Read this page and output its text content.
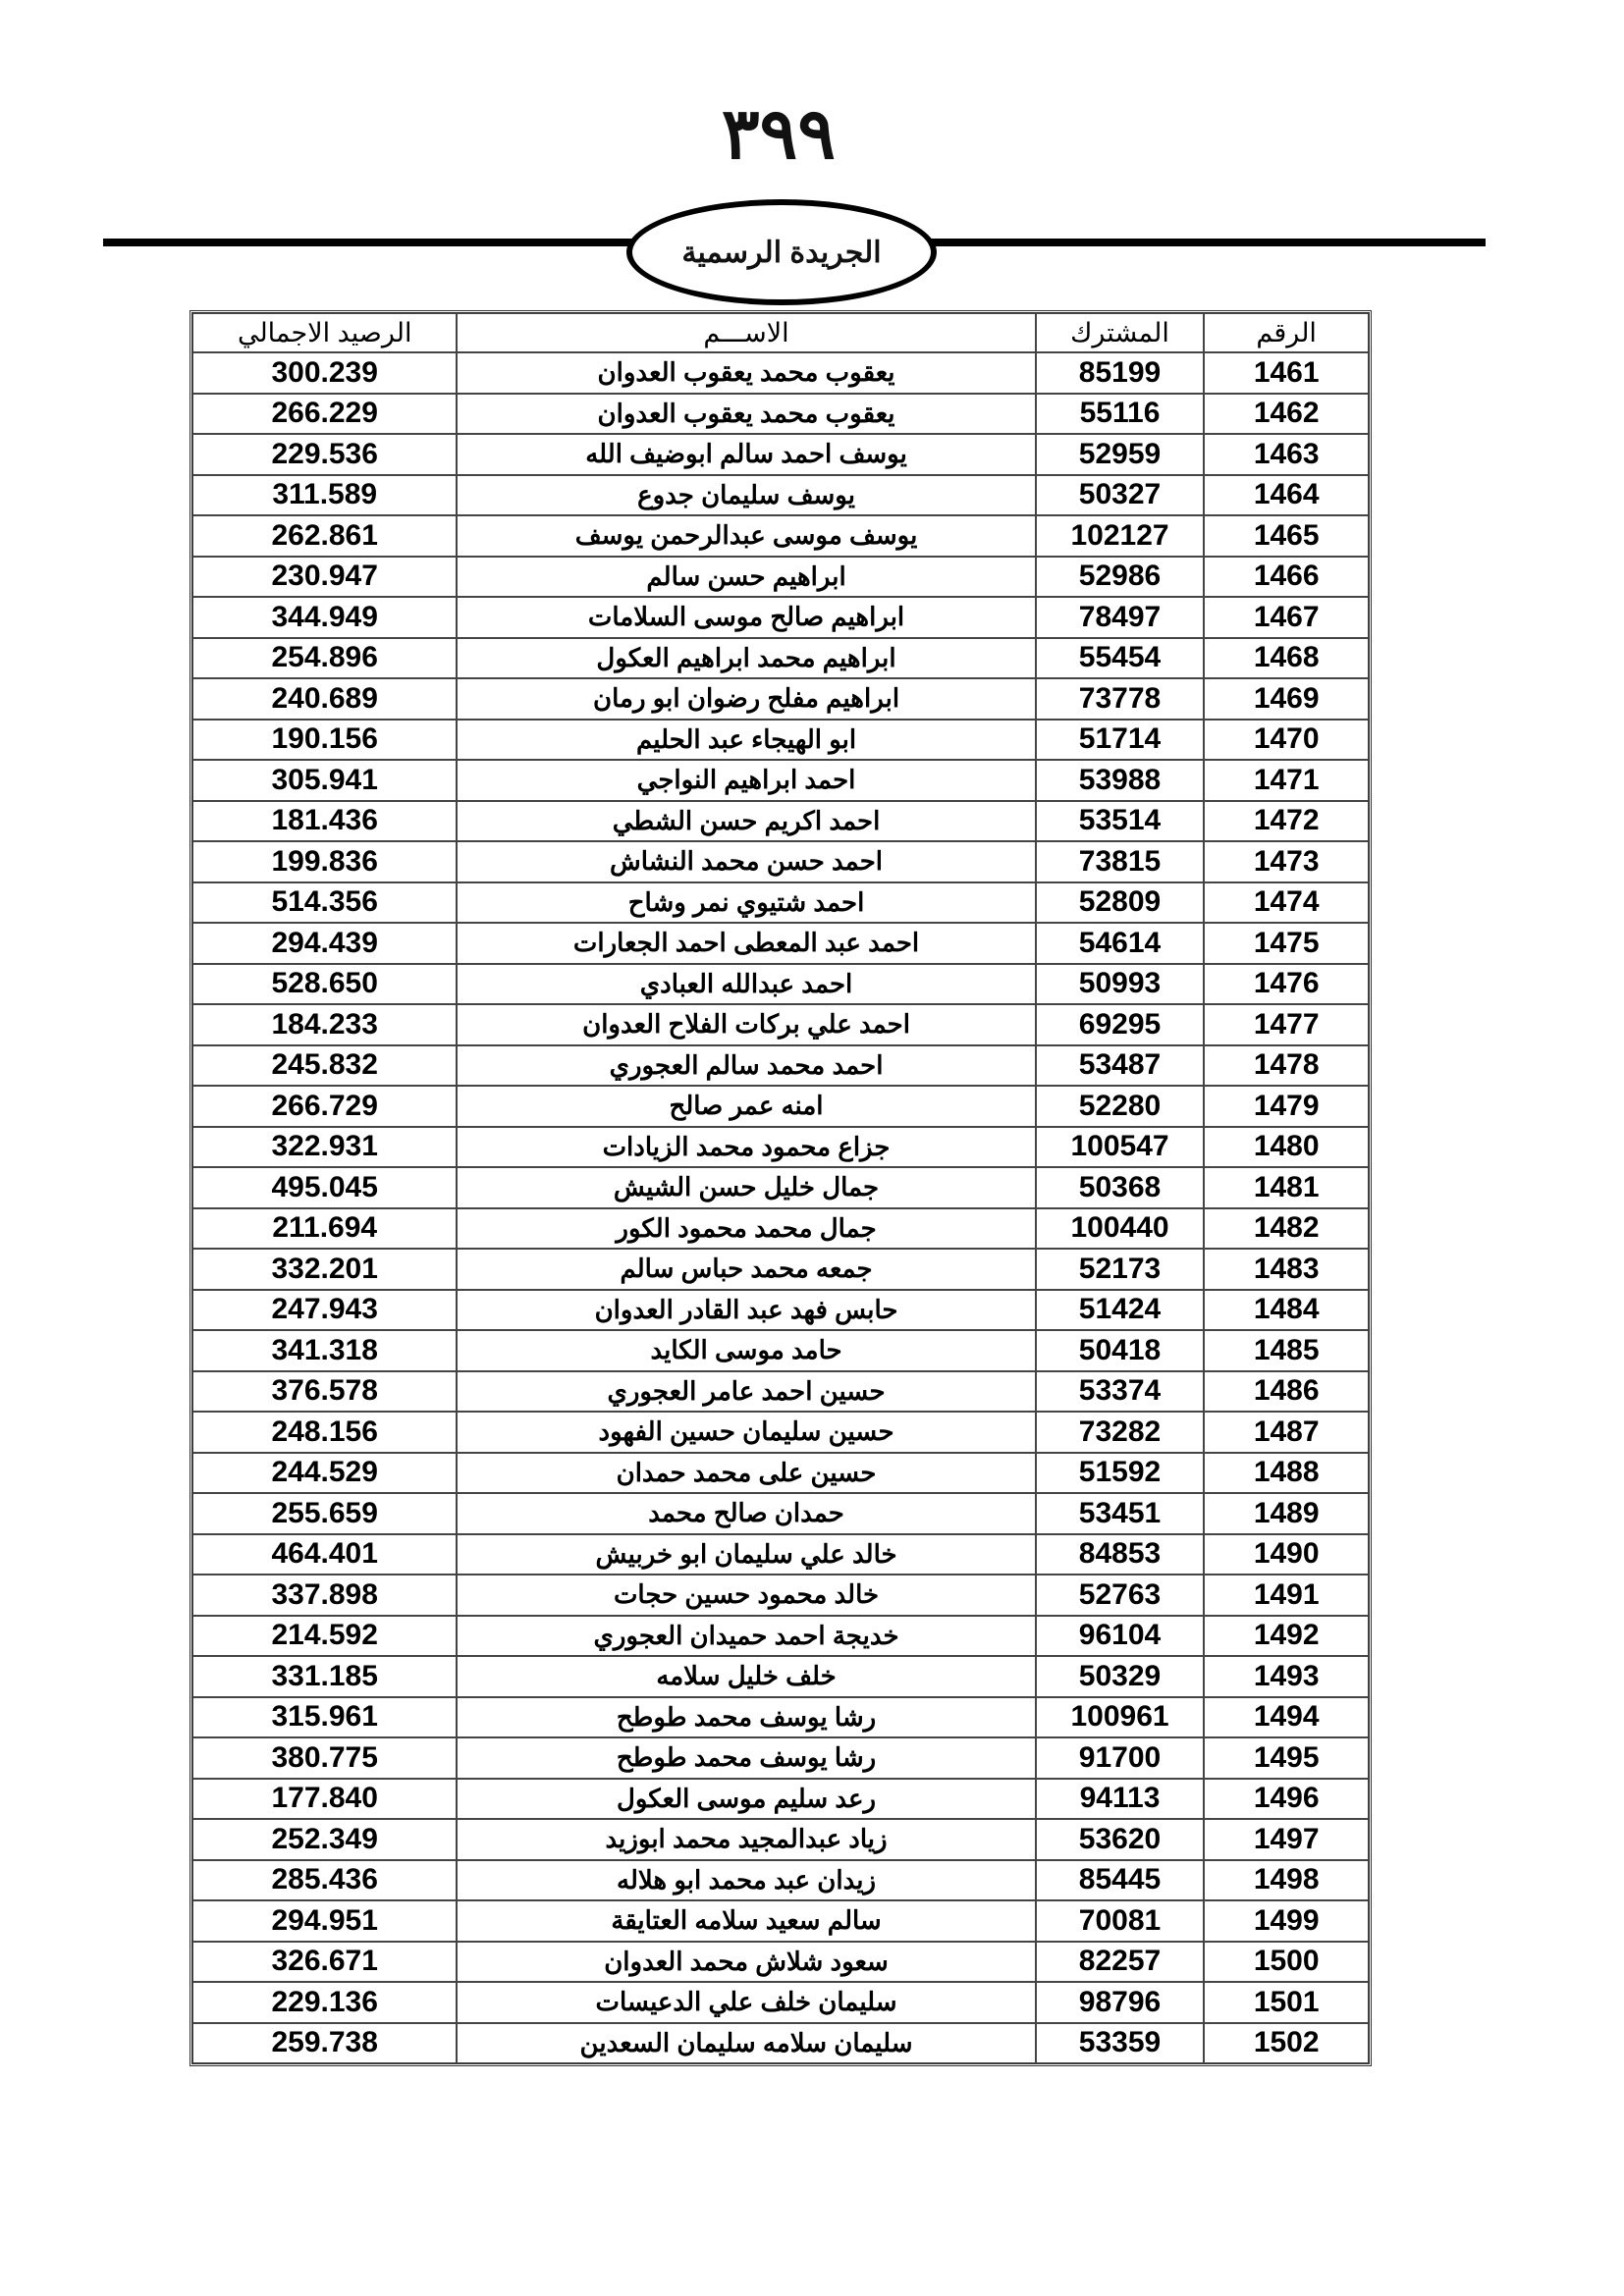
٣٩٩
الجريدة الرسمية
الرقم	المشترك	الاســـم	الرصيد الاجمالي
1461	85199	يعقوب محمد يعقوب العدوان	300.239
1462	55116	يعقوب محمد يعقوب العدوان	266.229
1463	52959	يوسف احمد سالم ابوضيف الله	229.536
1464	50327	يوسف سليمان جدوع	311.589
1465	102127	يوسف موسى عبدالرحمن يوسف	262.861
1466	52986	ابراهيم حسن سالم	230.947
1467	78497	ابراهيم صالح موسى السلامات	344.949
1468	55454	ابراهيم محمد ابراهيم العكول	254.896
1469	73778	ابراهيم مفلح رضوان ابو رمان	240.689
1470	51714	ابو الهيجاء عبد الحليم	190.156
1471	53988	احمد ابراهيم النواجي	305.941
1472	53514	احمد اكريم حسن الشطي	181.436
1473	73815	احمد حسن محمد النشاش	199.836
1474	52809	احمد شتيوي نمر وشاح	514.356
1475	54614	احمد عبد المعطى احمد الجعارات	294.439
1476	50993	احمد عبدالله العبادي	528.650
1477	69295	احمد علي بركات الفلاح العدوان	184.233
1478	53487	احمد محمد سالم العجوري	245.832
1479	52280	امنه عمر صالح	266.729
1480	100547	جزاع محمود محمد الزيادات	322.931
1481	50368	جمال خليل حسن الشيش	495.045
1482	100440	جمال محمد محمود الكور	211.694
1483	52173	جمعه محمد حباس سالم	332.201
1484	51424	حابس فهد عبد القادر العدوان	247.943
1485	50418	حامد موسى الكايد	341.318
1486	53374	حسين احمد عامر العجوري	376.578
1487	73282	حسين سليمان حسين الفهود	248.156
1488	51592	حسين على محمد حمدان	244.529
1489	53451	حمدان صالح محمد	255.659
1490	84853	خالد علي سليمان ابو خربيش	464.401
1491	52763	خالد محمود حسين حجات	337.898
1492	96104	خديجة احمد حميدان العجوري	214.592
1493	50329	خلف خليل سلامه	331.185
1494	100961	رشا يوسف محمد طوطح	315.961
1495	91700	رشا يوسف محمد طوطح	380.775
1496	94113	رعد سليم موسى العكول	177.840
1497	53620	زياد عبدالمجيد محمد ابوزيد	252.349
1498	85445	زيدان عبد محمد ابو هلاله	285.436
1499	70081	سالم سعيد سلامه العتايقة	294.951
1500	82257	سعود شلاش محمد العدوان	326.671
1501	98796	سليمان خلف علي الدعيسات	229.136
1502	53359	سليمان سلامه سليمان السعدين	259.738
